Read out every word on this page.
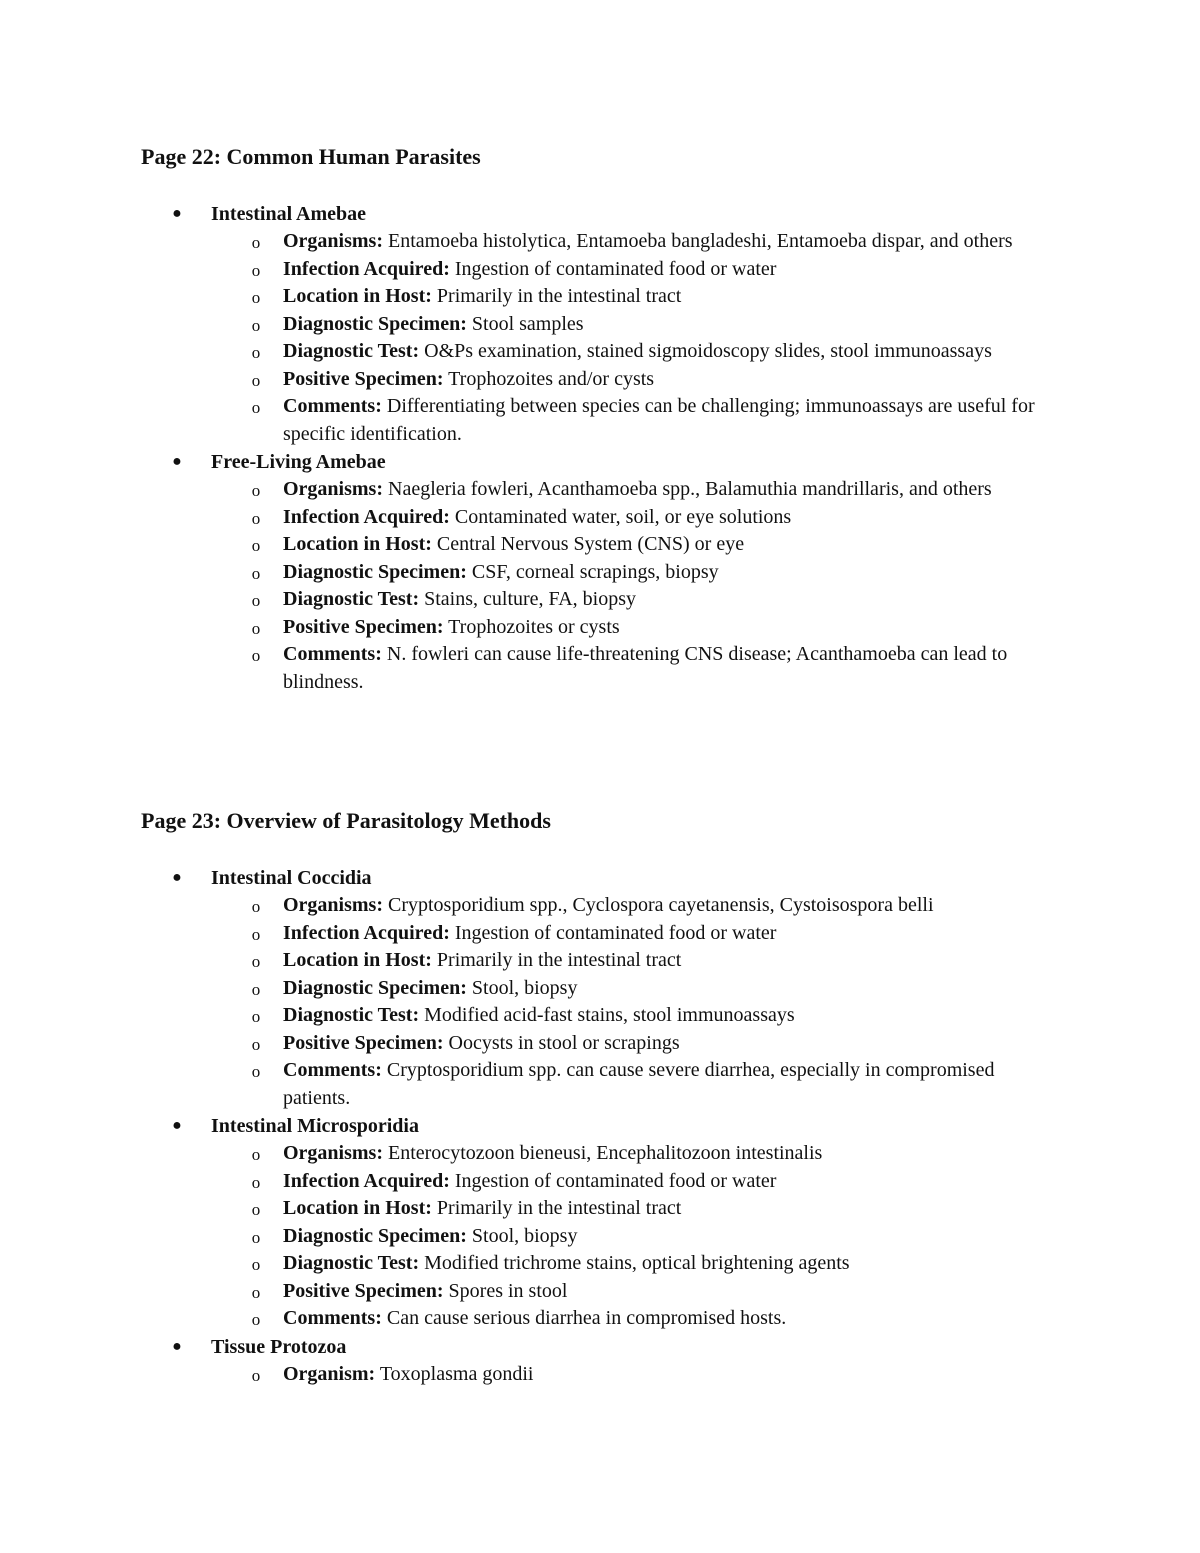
Page 22: Common Human Parasites
● Intestinal Amebae
o Organisms: Entamoeba histolytica, Entamoeba bangladeshi, Entamoeba dispar, and others
o Infection Acquired: Ingestion of contaminated food or water
o Location in Host: Primarily in the intestinal tract
o Diagnostic Specimen: Stool samples
o Diagnostic Test: O&Ps examination, stained sigmoidoscopy slides, stool immunoassays
o Positive Specimen: Trophozoites and/or cysts
o Comments: Differentiating between species can be challenging; immunoassays are useful for specific identification.
● Free-Living Amebae
o Organisms: Naegleria fowleri, Acanthamoeba spp., Balamuthia mandrillaris, and others
o Infection Acquired: Contaminated water, soil, or eye solutions
o Location in Host: Central Nervous System (CNS) or eye
o Diagnostic Specimen: CSF, corneal scrapings, biopsy
o Diagnostic Test: Stains, culture, FA, biopsy
o Positive Specimen: Trophozoites or cysts
o Comments: N. fowleri can cause life-threatening CNS disease; Acanthamoeba can lead to blindness.
Page 23: Overview of Parasitology Methods
● Intestinal Coccidia
o Organisms: Cryptosporidium spp., Cyclospora cayetanensis, Cystoisospora belli
o Infection Acquired: Ingestion of contaminated food or water
o Location in Host: Primarily in the intestinal tract
o Diagnostic Specimen: Stool, biopsy
o Diagnostic Test: Modified acid-fast stains, stool immunoassays
o Positive Specimen: Oocysts in stool or scrapings
o Comments: Cryptosporidium spp. can cause severe diarrhea, especially in compromised patients.
● Intestinal Microsporidia
o Organisms: Enterocytozoon bieneusi, Encephalitozoon intestinalis
o Infection Acquired: Ingestion of contaminated food or water
o Location in Host: Primarily in the intestinal tract
o Diagnostic Specimen: Stool, biopsy
o Diagnostic Test: Modified trichrome stains, optical brightening agents
o Positive Specimen: Spores in stool
o Comments: Can cause serious diarrhea in compromised hosts.
● Tissue Protozoa
o Organism: Toxoplasma gondii
